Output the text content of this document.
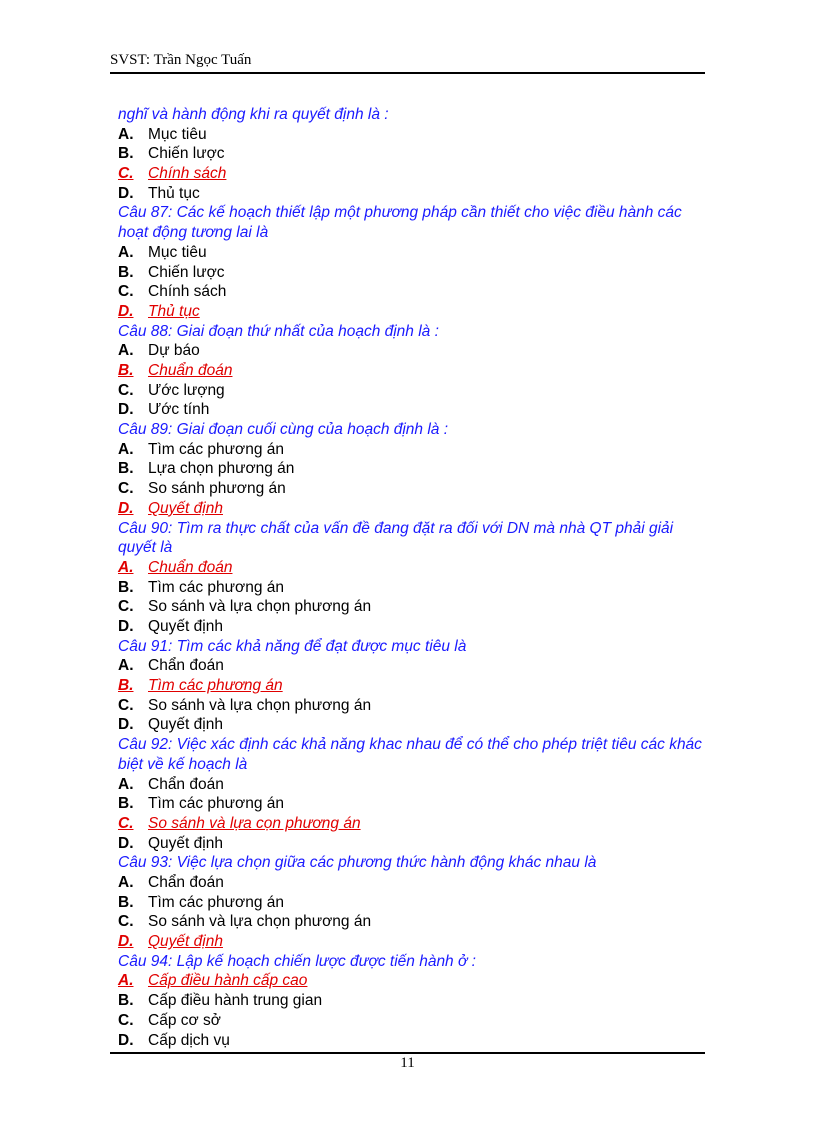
SVST: Trần Ngọc Tuấn
nghĩ và hành động khi ra quyết định là :
A. Mục tiêu
B. Chiến lược
C. Chính sách
D. Thủ tục
Câu 87: Các kế hoạch thiết lập một phương pháp cần thiết cho việc điều hành các hoạt động tương lai là
A. Mục tiêu
B. Chiến lược
C. Chính sách
D. Thủ tục
Câu 88: Giai đoạn thứ nhất của hoạch định là :
A. Dự báo
B. Chuẩn đoán
C. Ước lượng
D. Ước tính
Câu 89: Giai đoạn cuối cùng của hoạch định là :
A. Tìm các phương án
B. Lựa chọn phương án
C. So sánh phương án
D. Quyết định
Câu 90: Tìm ra thực chất của vấn đề đang đặt ra đối với DN mà nhà QT phải giải quyết là
A. Chuẩn đoán
B. Tìm các phương án
C. So sánh và lựa chọn phương án
D. Quyết định
Câu 91: Tìm các khả năng để đạt được mục tiêu là
A. Chẩn đoán
B. Tìm các phương án
C. So sánh và lựa chọn phương án
D. Quyết định
Câu 92: Việc xác định các khả năng khac nhau để có thể cho phép triệt tiêu các khác biệt về kế hoạch là
A. Chẩn đoán
B. Tìm các phương án
C. So sánh và lựa cọn phương án
D. Quyết định
Câu 93: Việc lựa chọn giữa các phương thức hành động khác nhau là
A. Chẩn đoán
B. Tìm các phương án
C. So sánh và lựa chọn phương án
D. Quyết định
Câu 94: Lập kế hoạch chiến lược được tiến hành ở :
A. Cấp điều hành cấp cao
B. Cấp điều hành trung gian
C. Cấp cơ sở
D. Cấp dịch vụ
11
